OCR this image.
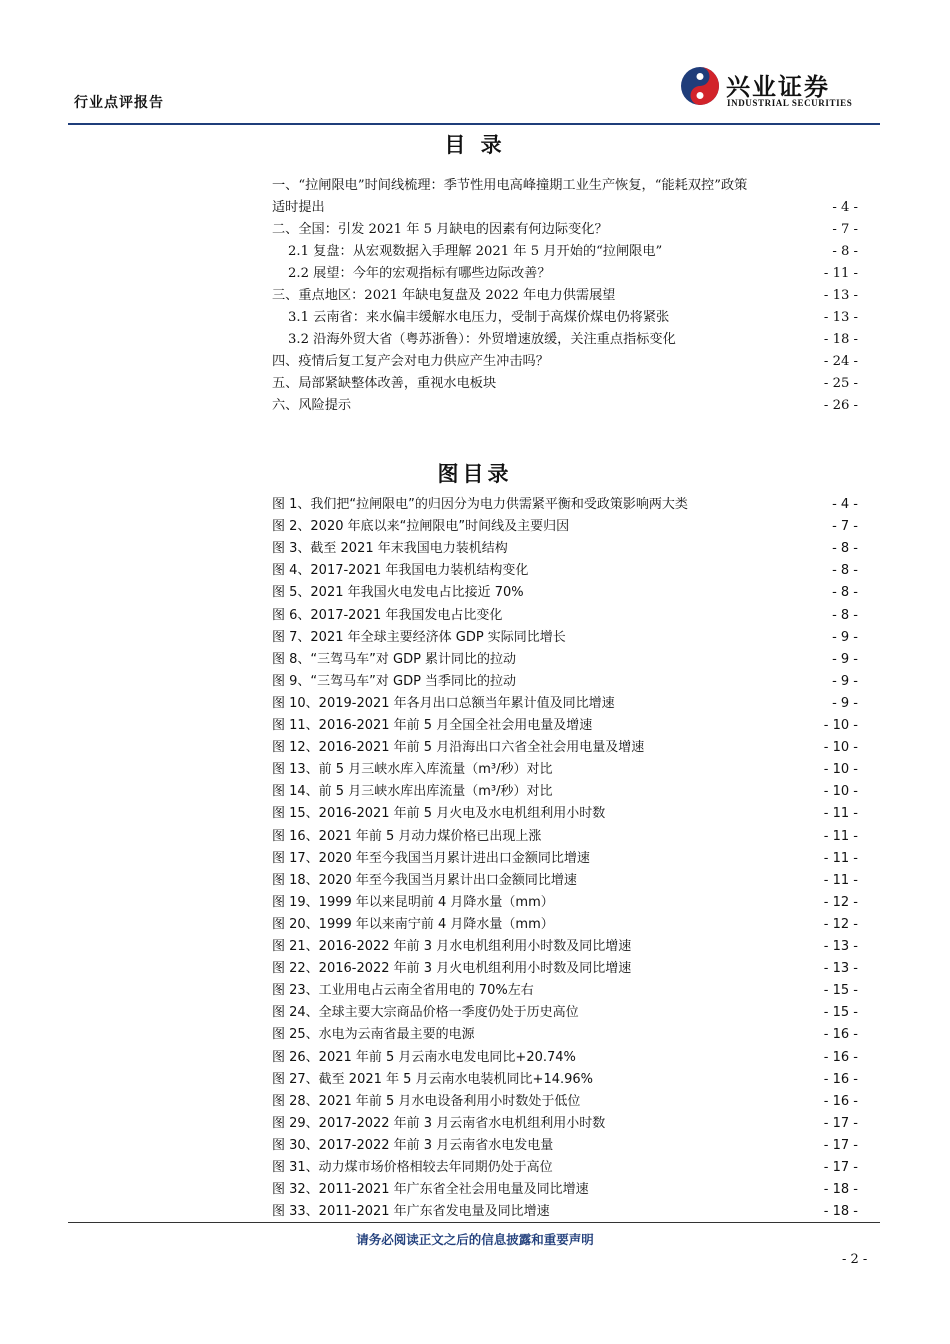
行业点评报告
兴业证券
INDUSTRIAL SECURITIES
目 录
一、“拉闸限电”时间线梳理：季节性用电高峰撞期工业生产恢复，“能耗双控”政策
适时提出	- 4 -
二、全国：引发 2021 年 5 月缺电的因素有何边际变化？	- 7 -
2.1 复盘：从宏观数据入手理解 2021 年 5 月开始的“拉闸限电”	- 8 -
2.2 展望：今年的宏观指标有哪些边际改善？	- 11 -
三、重点地区：2021 年缺电复盘及 2022 年电力供需展望	- 13 -
3.1 云南省：来水偏丰缓解水电压力，受制于高煤价煤电仍将紧张	- 13 -
3.2 沿海外贸大省（粤苏浙鲁）：外贸增速放缓，关注重点指标变化	- 18 -
四、疫情后复工复产会对电力供应产生冲击吗？	- 24 -
五、局部紧缺整体改善，重视水电板块	- 25 -
六、风险提示	- 26 -
图目录
图 1、我们把“拉闸限电”的归因分为电力供需紧平衡和受政策影响两大类	- 4 -
图 2、2020 年底以来“拉闸限电”时间线及主要归因	- 7 -
图 3、截至 2021 年末我国电力装机结构	- 8 -
图 4、2017-2021 年我国电力装机结构变化	- 8 -
图 5、2021 年我国火电发电占比接近 70%	- 8 -
图 6、2017-2021 年我国发电占比变化	- 8 -
图 7、2021 年全球主要经济体 GDP 实际同比增长	- 9 -
图 8、“三驾马车”对 GDP 累计同比的拉动	- 9 -
图 9、“三驾马车”对 GDP 当季同比的拉动	- 9 -
图 10、2019-2021 年各月出口总额当年累计值及同比增速	- 9 -
图 11、2016-2021 年前 5 月全国全社会用电量及增速	- 10 -
图 12、2016-2021 年前 5 月沿海出口六省全社会用电量及增速	- 10 -
图 13、前 5 月三峡水库入库流量（m³/秒）对比	- 10 -
图 14、前 5 月三峡水库出库流量（m³/秒）对比	- 10 -
图 15、2016-2021 年前 5 月火电及水电机组利用小时数	- 11 -
图 16、2021 年前 5 月动力煤价格已出现上涨	- 11 -
图 17、2020 年至今我国当月累计进出口金额同比增速	- 11 -
图 18、2020 年至今我国当月累计出口金额同比增速	- 11 -
图 19、1999 年以来昆明前 4 月降水量（mm）	- 12 -
图 20、1999 年以来南宁前 4 月降水量（mm）	- 12 -
图 21、2016-2022 年前 3 月水电机组利用小时数及同比增速	- 13 -
图 22、2016-2022 年前 3 月火电机组利用小时数及同比增速	- 13 -
图 23、工业用电占云南全省用电的 70%左右	- 15 -
图 24、全球主要大宗商品价格一季度仍处于历史高位	- 15 -
图 25、水电为云南省最主要的电源	- 16 -
图 26、2021 年前 5 月云南水电发电同比+20.74%	- 16 -
图 27、截至 2021 年 5 月云南水电装机同比+14.96%	- 16 -
图 28、2021 年前 5 月水电设备利用小时数处于低位	- 16 -
图 29、2017-2022 年前 3 月云南省水电机组利用小时数	- 17 -
图 30、2017-2022 年前 3 月云南省水电发电量	- 17 -
图 31、动力煤市场价格相较去年同期仍处于高位	- 17 -
图 32、2011-2021 年广东省全社会用电量及同比增速	- 18 -
图 33、2011-2021 年广东省发电量及同比增速	- 18 -
请务必阅读正文之后的信息披露和重要声明
- 2 -
